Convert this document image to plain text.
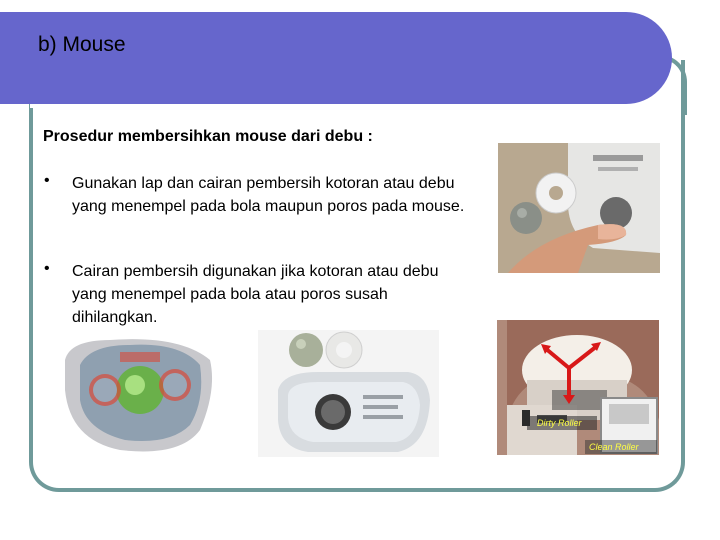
b) Mouse
Prosedur membersihkan mouse dari debu :
• Gunakan lap dan cairan pembersih kotoran atau debu yang menempel pada bola maupun poros pada mouse.
• Cairan pembersih digunakan jika kotoran atau debu yang menempel pada bola atau poros susah dihilangkan.
Dirty Roller
Clean Roller
